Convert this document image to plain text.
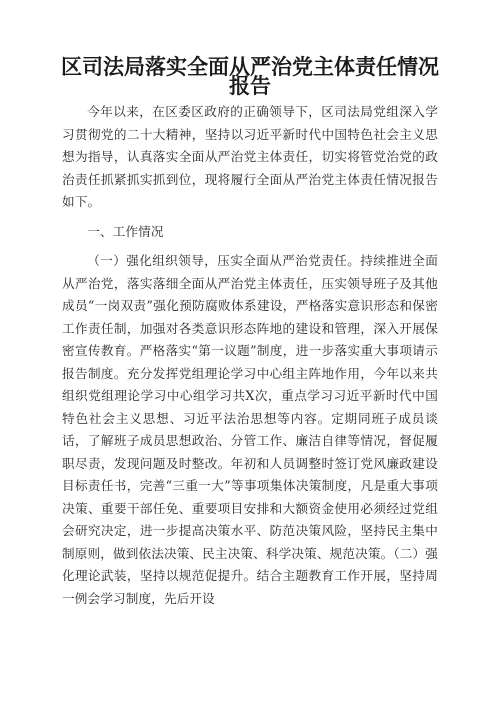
区司法局落实全面从严治党主体责任情况报告

今年以来，在区委区政府的正确领导下，区司法局党组深入学习贯彻党的二十大精神，坚持以习近平新时代中国特色社会主义思想为指导，认真落实全面从严治党主体责任，切实将管党治党的政治责任抓紧抓实抓到位，现将履行全面从严治党主体责任情况报告如下。

一、工作情况

（一）强化组织领导，压实全面从严治党责任。持续推进全面从严治党，落实落细全面从严治党主体责任，压实领导班子及其他成员“一岗双责”强化预防腐败体系建设，严格落实意识形态和保密工作责任制，加强对各类意识形态阵地的建设和管理，深入开展保密宣传教育。严格落实“第一议题”制度，进一步落实重大事项请示报告制度。充分发挥党组理论学习中心组主阵地作用，今年以来共组织党组理论学习中心组学习共X次，重点学习习近平新时代中国特色社会主义思想、习近平法治思想等内容。定期同班子成员谈话，了解班子成员思想政治、分管工作、廉洁自律等情况，督促履职尽责，发现问题及时整改。年初和人员调整时签订党风廉政建设目标责任书，完善“三重一大”等事项集体决策制度，凡是重大事项决策、重要干部任免、重要项目安排和大额资金使用必须经过党组会研究决定，进一步提高决策水平、防范决策风险，坚持民主集中制原则，做到依法决策、民主决策、科学决策、规范决策。（二）强化理论武装，坚持以规范促提升。结合主题教育工作开展，坚持周一例会学习制度，先后开设
